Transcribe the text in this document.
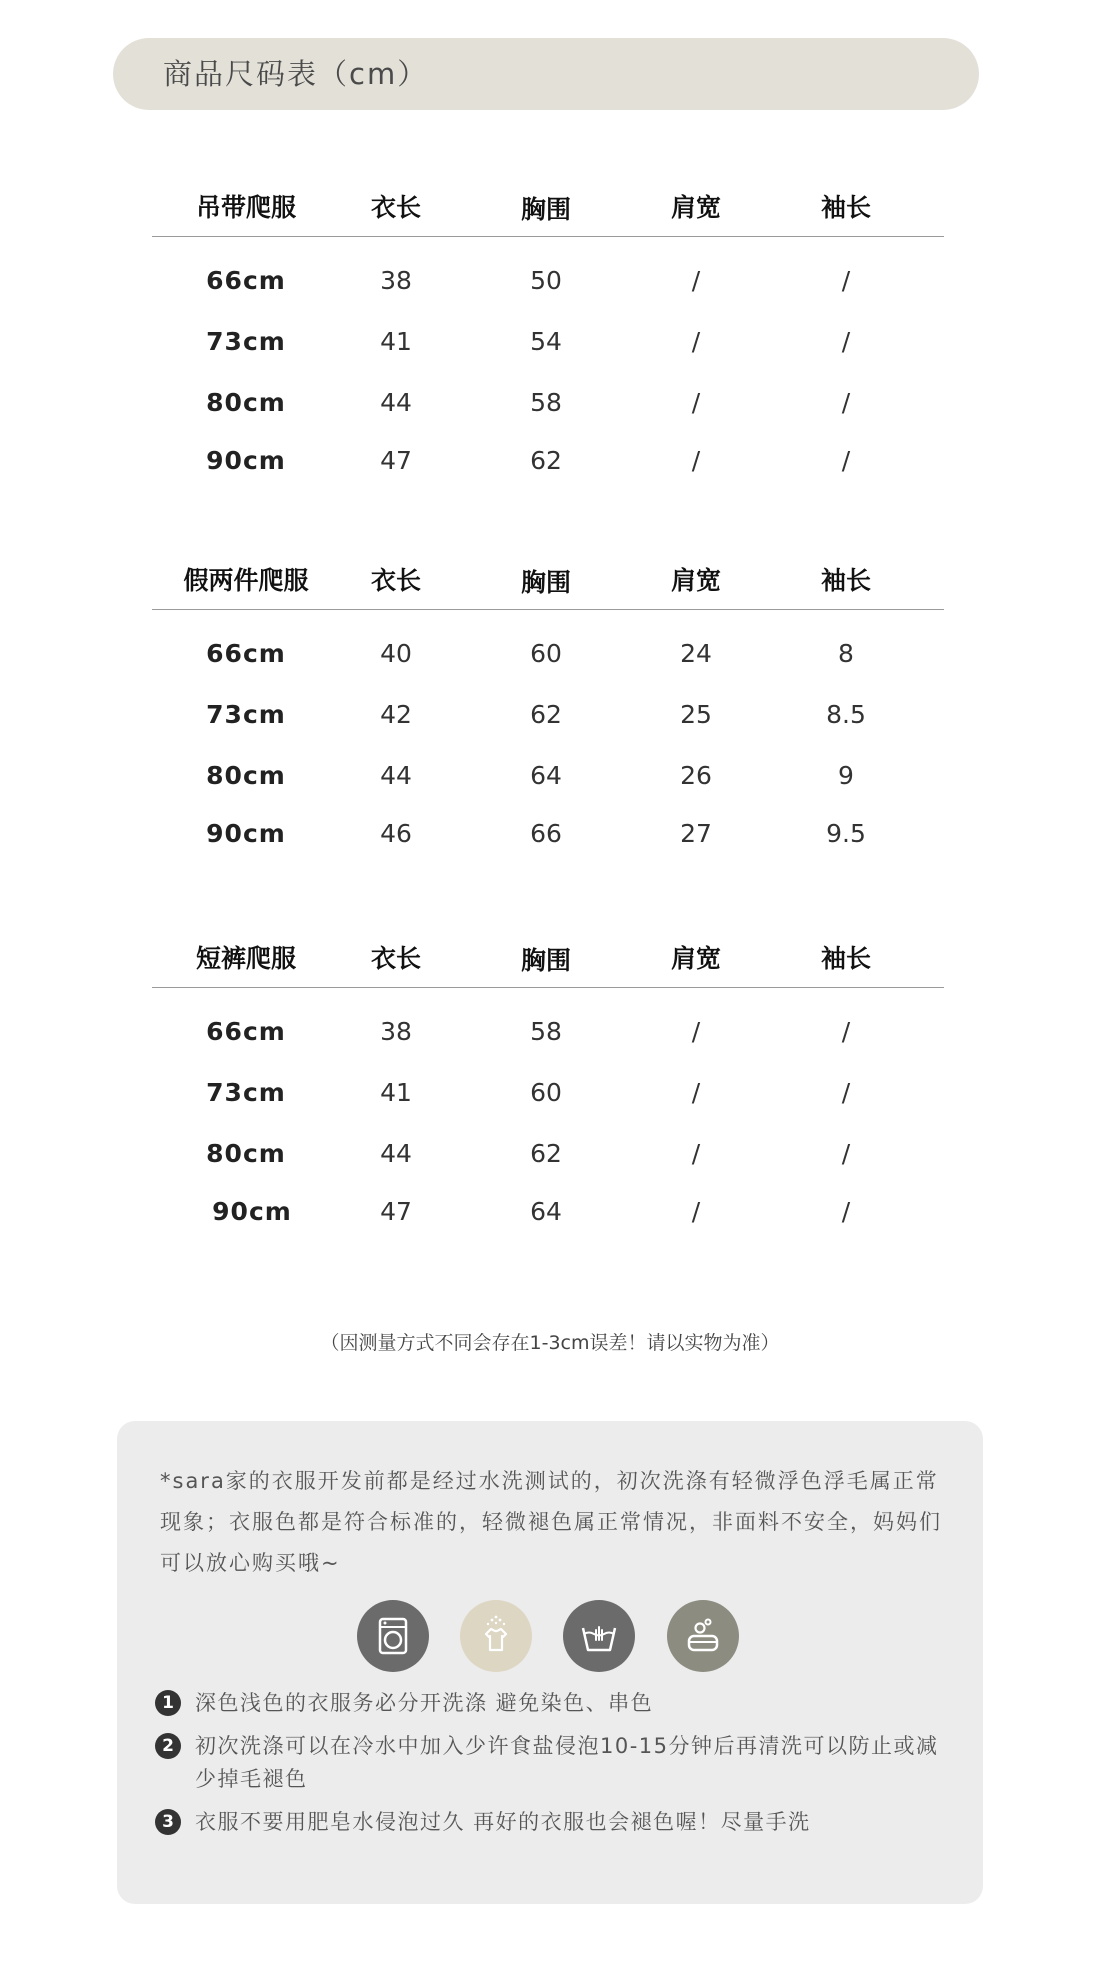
商品尺码表（cm）
吊带爬服	衣长	胸围	肩宽	袖长
66cm	38	50	/	/
73cm	41	54	/	/
80cm	44	58	/	/
90cm	47	62	/	/
假两件爬服	衣长	胸围	肩宽	袖长
66cm	40	60	24	8
73cm	42	62	25	8.5
80cm	44	64	26	9
90cm	46	66	27	9.5
短裤爬服	衣长	胸围	肩宽	袖长
66cm	38	58	/	/
73cm	41	60	/	/
80cm	44	62	/	/
90cm	47	64	/	/
（因测量方式不同会存在1-3cm误差！请以实物为准）
*sara家的衣服开发前都是经过水洗测试的，初次洗涤有轻微浮色浮毛属正常现象；衣服色都是符合标准的，轻微褪色属正常情况，非面料不安全，妈妈们可以放心购买哦~
1	深色浅色的衣服务必分开洗涤 避免染色、串色
2	初次洗涤可以在冷水中加入少许食盐侵泡10-15分钟后再清洗可以防止或减少掉毛褪色
3	衣服不要用肥皂水侵泡过久 再好的衣服也会褪色喔！尽量手洗
